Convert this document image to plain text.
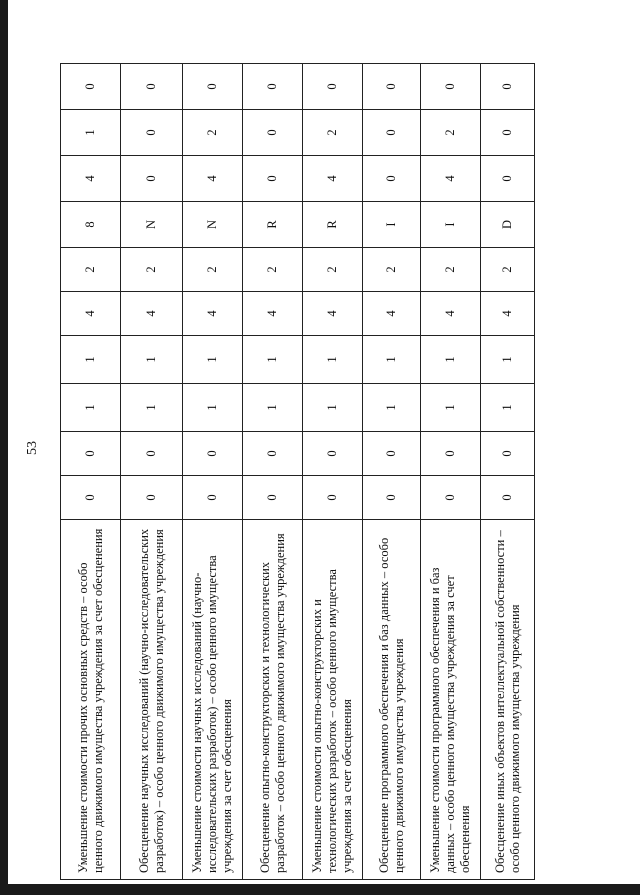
53
Уменьшение стоимости прочих основных средств – особо ценного движимого имущества учреждения за счет обесценения	0	0	1	1	4	2	8	4	1	0
Обесценение научных исследований (научно-исследовательских разработок) – особо ценного движимого имущества учреждения	0	0	1	1	4	2	N	0	0	0
Уменьшение стоимости научных исследований (научно-исследовательских разработок) – особо ценного имущества учреждения за счет обесценения	0	0	1	1	4	2	N	4	2	0
Обесценение опытно-конструкторских и технологических разработок – особо ценного движимого имущества учреждения	0	0	1	1	4	2	R	0	0	0
Уменьшение стоимости опытно-конструкторских и технологических разработок – особо ценного имущества учреждения за счет обесценения	0	0	1	1	4	2	R	4	2	0
Обесценение программного обеспечения и баз данных – особо ценного движимого имущества учреждения	0	0	1	1	4	2	I	0	0	0
Уменьшение стоимости программного обеспечения и баз данных – особо ценного имущества учреждения за счет обесценения	0	0	1	1	4	2	I	4	2	0
Обесценение иных объектов интеллектуальной собственности – особо ценного движимого имущества учреждения	0	0	1	1	4	2	D	0	0	0
